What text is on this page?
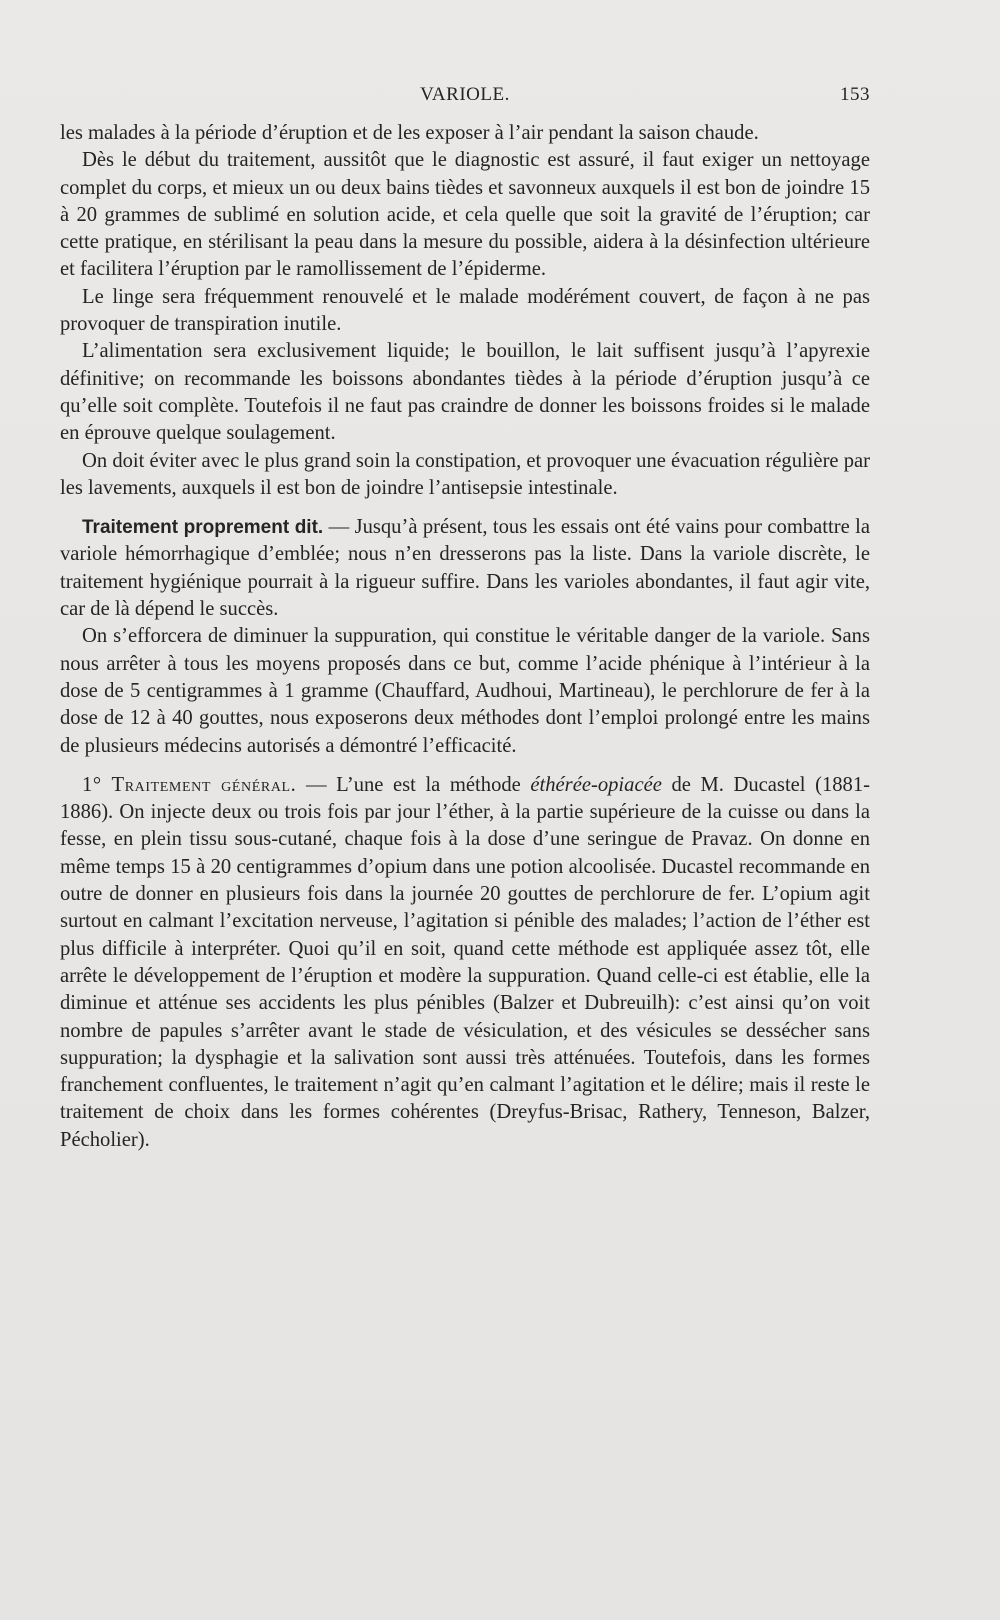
VARIOLE.	153

les malades à la période d’éruption et de les exposer à l’air pendant la saison chaude.

Dès le début du traitement, aussitôt que le diagnostic est assuré, il faut exiger un nettoyage complet du corps, et mieux un ou deux bains tièdes et savonneux auxquels il est bon de joindre 15 à 20 grammes de sublimé en solution acide, et cela quelle que soit la gravité de l’éruption; car cette pratique, en stérilisant la peau dans la mesure du possible, aidera à la désinfection ultérieure et facilitera l’éruption par le ramollissement de l’épiderme.

Le linge sera fréquemment renouvelé et le malade modérément couvert, de façon à ne pas provoquer de transpiration inutile.

L’alimentation sera exclusivement liquide; le bouillon, le lait suffisent jusqu’à l’apyrexie définitive; on recommande les boissons abondantes tièdes à la période d’éruption jusqu’à ce qu’elle soit complète. Toutefois il ne faut pas craindre de donner les boissons froides si le malade en éprouve quelque soulagement.

On doit éviter avec le plus grand soin la constipation, et provoquer une évacuation régulière par les lavements, auxquels il est bon de joindre l’antisepsie intestinale.

Traitement proprement dit. — Jusqu’à présent, tous les essais ont été vains pour combattre la variole hémorrhagique d’emblée; nous n’en dresserons pas la liste. Dans la variole discrète, le traitement hygiénique pourrait à la rigueur suffire. Dans les varioles abondantes, il faut agir vite, car de là dépend le succès.

On s’efforcera de diminuer la suppuration, qui constitue le véritable danger de la variole. Sans nous arrêter à tous les moyens proposés dans ce but, comme l’acide phénique à l’intérieur à la dose de 5 centigrammes à 1 gramme (Chauffard, Audhoui, Martineau), le perchlorure de fer à la dose de 12 à 40 gouttes, nous exposerons deux méthodes dont l’emploi prolongé entre les mains de plusieurs médecins autorisés a démontré l’efficacité.

1° Traitement général. — L’une est la méthode éthérée-opiacée de M. Ducastel (1881-1886). On injecte deux ou trois fois par jour l’éther, à la partie supérieure de la cuisse ou dans la fesse, en plein tissu sous-cutané, chaque fois à la dose d’une seringue de Pravaz. On donne en même temps 15 à 20 centigrammes d’opium dans une potion alcoolisée. Ducastel recommande en outre de donner en plusieurs fois dans la journée 20 gouttes de perchlorure de fer. L’opium agit surtout en calmant l’excitation nerveuse, l’agitation si pénible des malades; l’action de l’éther est plus difficile à interpréter. Quoi qu’il en soit, quand cette méthode est appliquée assez tôt, elle arrête le développement de l’éruption et modère la suppuration. Quand celle-ci est établie, elle la diminue et atténue ses accidents les plus pénibles (Balzer et Dubreuilh): c’est ainsi qu’on voit nombre de papules s’arrêter avant le stade de vésiculation, et des vésicules se dessécher sans suppuration; la dysphagie et la salivation sont aussi très atténuées. Toutefois, dans les formes franchement confluentes, le traitement n’agit qu’en calmant l’agitation et le délire; mais il reste le traitement de choix dans les formes cohérentes (Dreyfus-Brisac, Rathery, Tenneson, Balzer, Pécholier).
